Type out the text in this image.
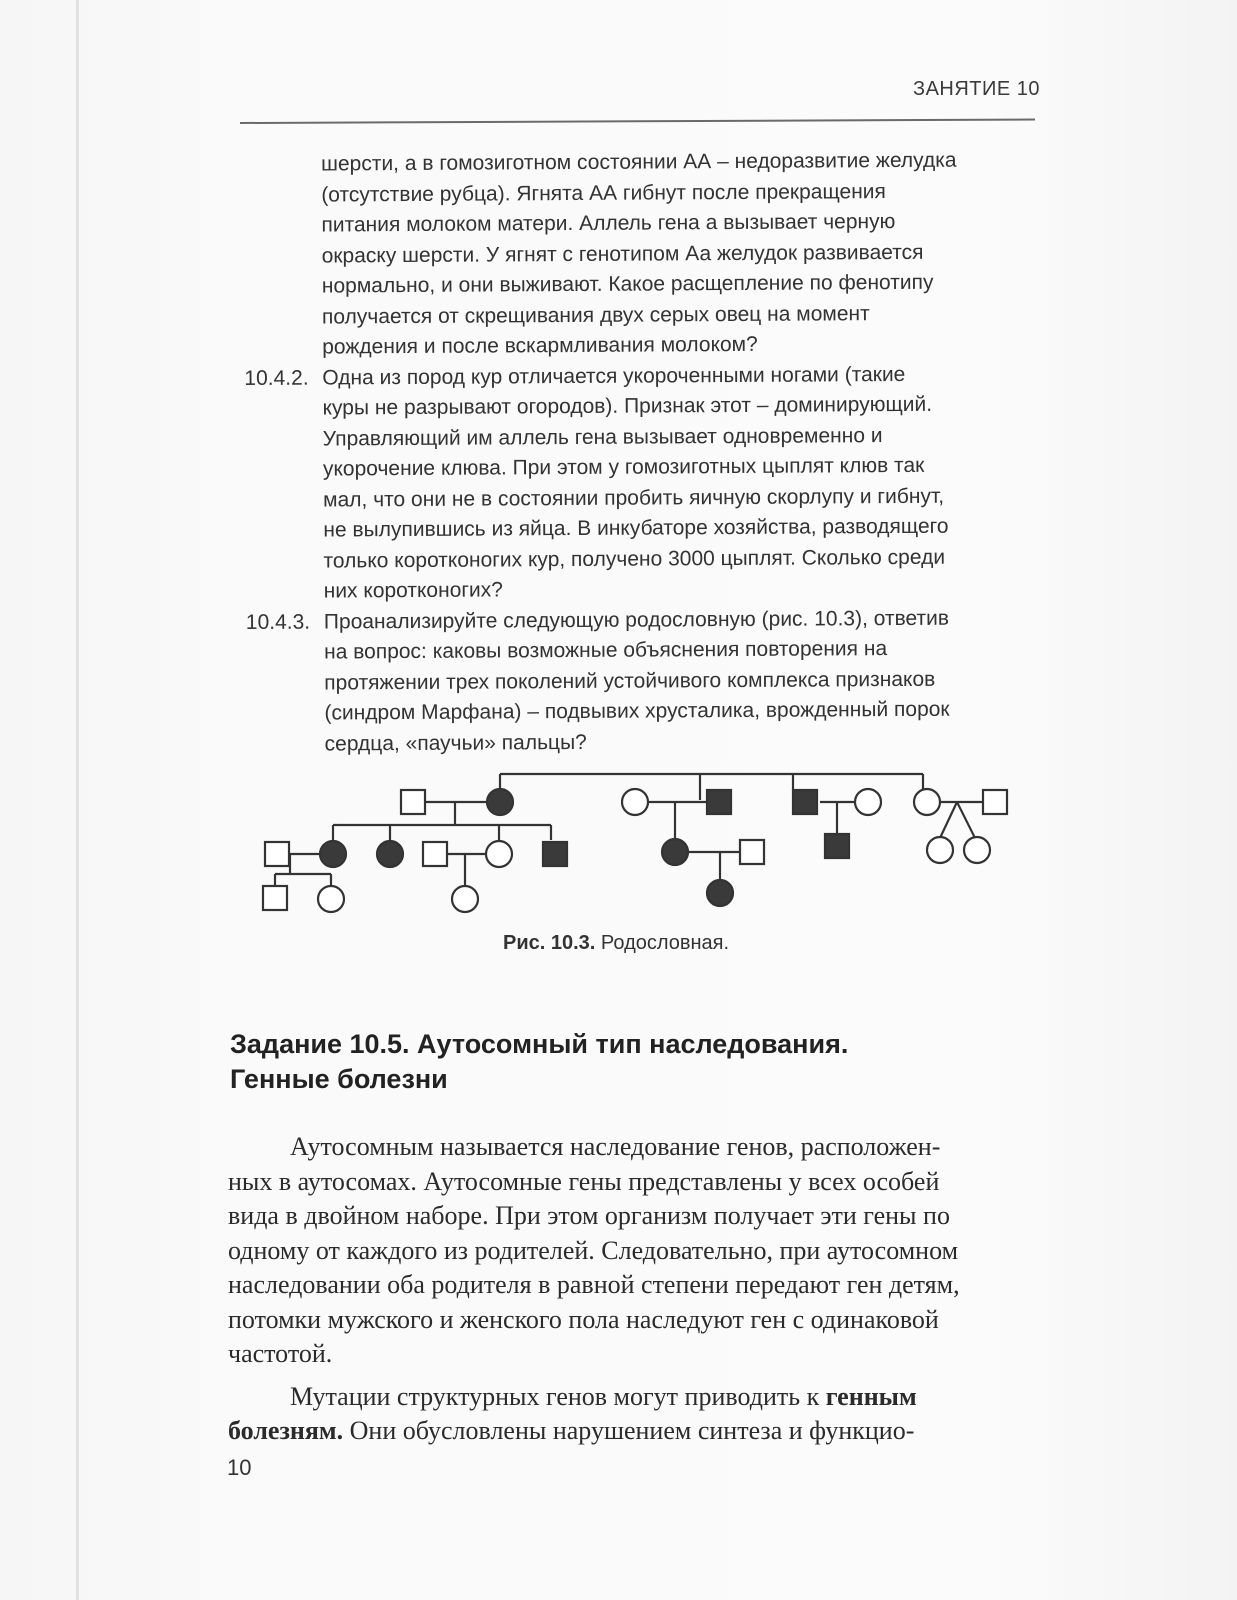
ЗАНЯТИЕ 10

шерсти, а в гомозиготном состоянии АА – недоразвитие желудка

(отсутствие рубца). Ягнята АА гибнут после прекращения

питания молоком матери. Аллель гена а вызывает черную

окраску шерсти. У ягнят с генотипом Аа желудок развивается

нормально, и они выживают. Какое расщепление по фенотипу

получается от скрещивания двух серых овец на момент

рождения и после вскармливания молоком?

10.4.2. Одна из пород кур отличается укороченными ногами (такие

куры не разрывают огородов). Признак этот – доминирующий.

Управляющий им аллель гена вызывает одновременно и

укорочение клюва. При этом у гомозиготных цыплят клюв так

мал, что они не в состоянии пробить яичную скорлупу и гибнут,

не вылупившись из яйца. В инкубаторе хозяйства, разводящего

только коротконогих кур, получено 3000 цыплят. Сколько среди

них коротконогих?

10.4.3. Проанализируйте следующую родословную (рис. 10.3), ответив

на вопрос: каковы возможные объяснения повторения на

протяжении трех поколений устойчивого комплекса признаков

(синдром Марфана) – подвывих хрусталика, врожденный порок

сердца, «паучьи» пальцы?

Рис. 10.3. Родословная.

Задание 10.5. Аутосомный тип наследования.

Генные болезни

Аутосомным называется наследование генов, расположен-

ных в аутосомах. Аутосомные гены представлены у всех особей

вида в двойном наборе. При этом организм получает эти гены по

одному от каждого из родителей. Следовательно, при аутосомном

наследовании оба родителя в равной степени передают ген детям,

потомки мужского и женского пола наследуют ген с одинаковой

частотой.

Мутации структурных генов могут приводить к генным

болезням. Они обусловлены нарушением синтеза и функцио-

10
